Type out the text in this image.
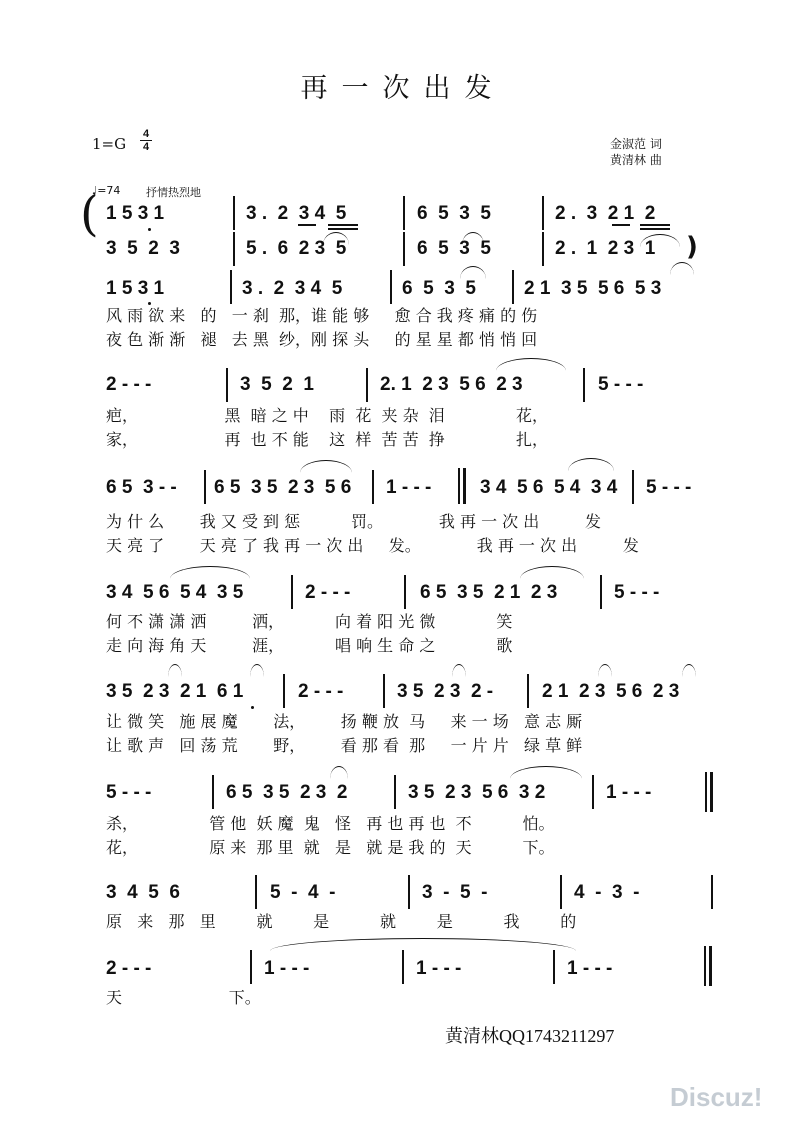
再一次出发
1=G
4
4	金淑范 词
黄清林 曲
♩=74 抒情热烈地
(
)
1 5 3 1	3 .  2  3 4  5	6  5  3  5	2 .  3  2 1  2
3  5  2  3	5 .  6  2 3  5	6  5  3  5	2 .  1  2 3  1
1 5 3 1	3 .  2  3 4  5	6  5  3  5	2 1  3 5  5 6  5 3
风 雨 欲 来   的   一 刹  那，谁 能 够     愈 合 我 疼 痛 的 伤
夜 色 渐 渐   褪   去 黑  纱，刚 探 头     的 星 星 都 悄 悄 回
2 - - -	3  5  2  1	2. 1  2 3  5 6  2 3	5 - - -
疤，                 黑  暗 之 中    雨  花  夹 杂  泪              花，
家，                 再  也 不 能    这  样  苦 苦  挣              扎，
6 5  3 - - 6 5  3 5  2 3  5 6 1 - - -	3 4  5 6  5 4  3 4 5 - - -
为 什 么       我 又 受 到 惩          罚。           我 再 一 次 出         发
天 亮 了       天 亮 了 我 再 一 次 出     发。           我 再 一 次 出         发
3 4  5 6  5 4  3 5	2 - - -	6 5  3 5  2 1  2 3	5 - - -
何 不 潇 潇 洒         洒，          向 着 阳 光 微            笑
走 向 海 角 天         涯，          唱 响 生 命 之            歌
3 5  2 3  2 1  6 1	2 - - -	3 5  2 3  2 -	2 1  2 3  5 6  2 3
让 微 笑   施 展 魔       法，       扬 鞭 放  马     来 一 场   意 志 厮
让 歌 声   回 荡 荒       野，       看 那 看  那     一 片 片   绿 草 鲜
5 - - -	6 5  3 5  2 3  2	3 5  2 3  5 6  3 2	1 - - -
杀，              管 他  妖 魔  鬼   怪   再 也 再 也  不          怕。
花，              原 来  那 里  就   是   就 是 我 的  天          下。
3  4  5  6	5  -  4  -	3  -  5  -	4  -  3  -
原   来   那   里        就        是          就        是          我        的
2 - - -	1 - - -	1 - - -	1 - - -
天                     下。
黄清林QQ1743211297
Discuz!
